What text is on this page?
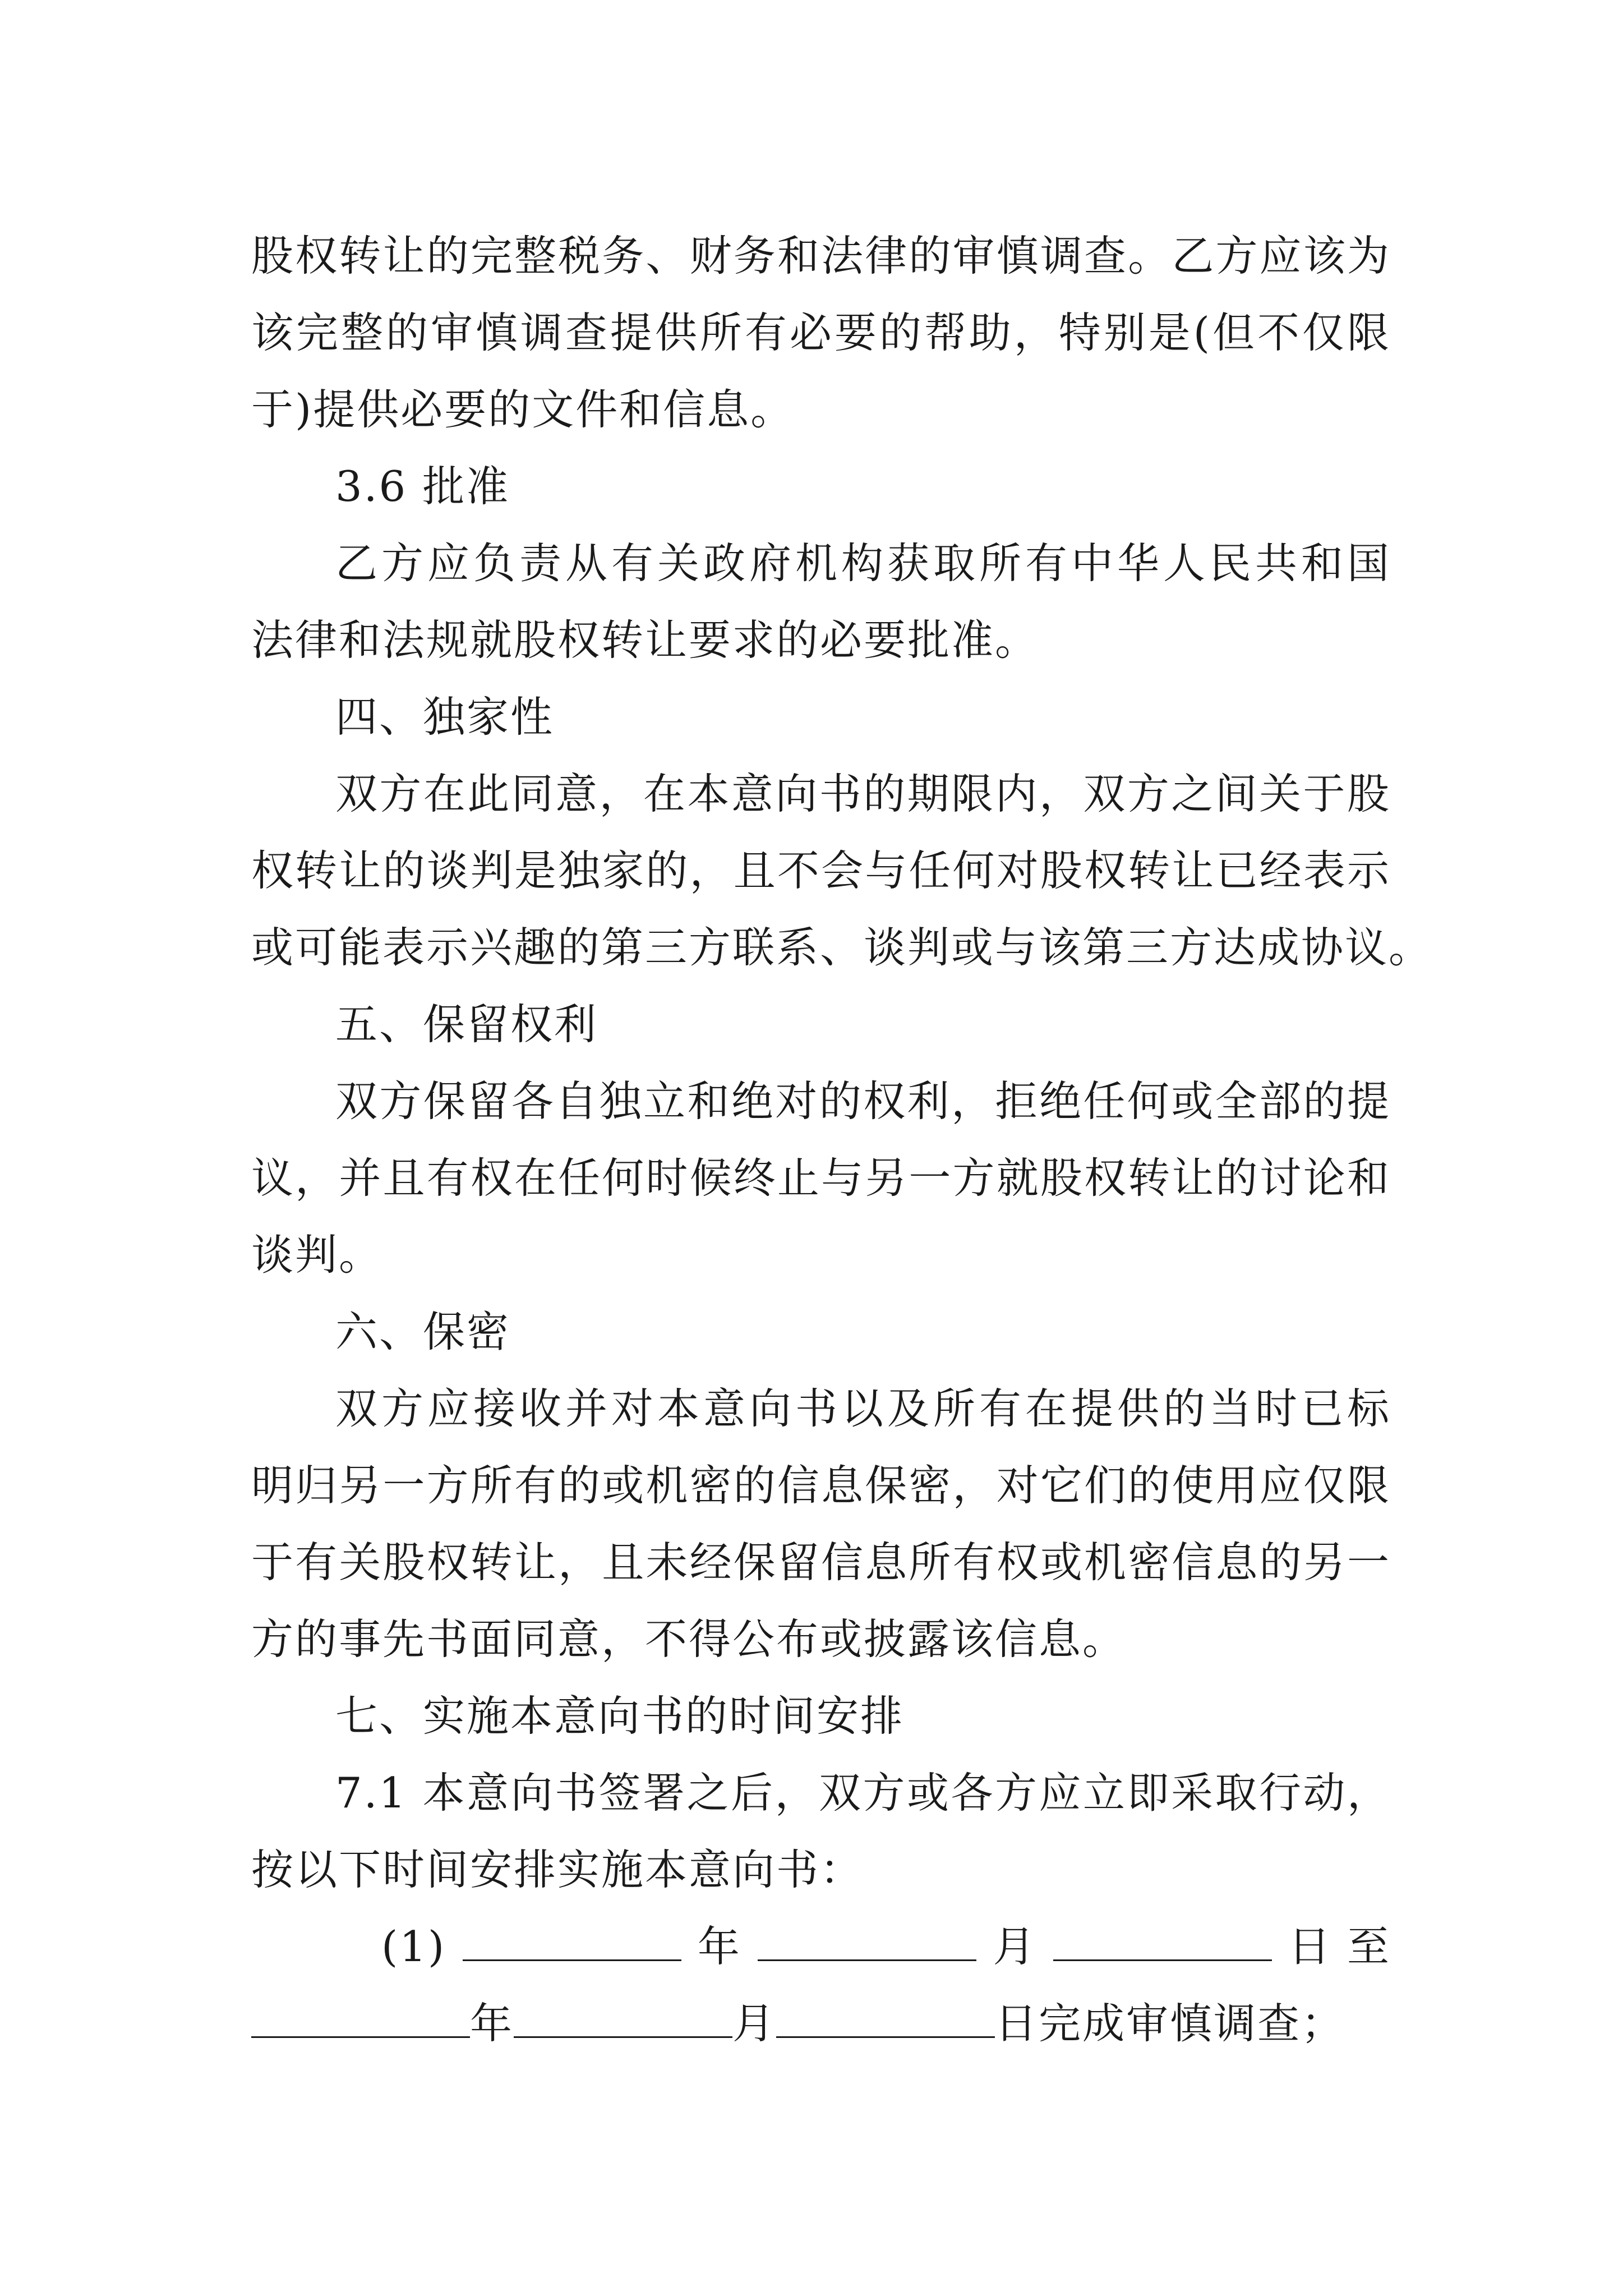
股权转让的完整税务、财务和法律的审慎调查。乙方应该为
该完整的审慎调查提供所有必要的帮助，特别是(但不仅限
于)提供必要的文件和信息。
3.6 批准
乙方应负责从有关政府机构获取所有中华人民共和国
法律和法规就股权转让要求的必要批准。
四、独家性
双方在此同意，在本意向书的期限内，双方之间关于股
权转让的谈判是独家的，且不会与任何对股权转让已经表示
或可能表示兴趣的第三方联系、谈判或与该第三方达成协议。
五、保留权利
双方保留各自独立和绝对的权利，拒绝任何或全部的提
议，并且有权在任何时候终止与另一方就股权转让的讨论和
谈判。
六、保密
双方应接收并对本意向书以及所有在提供的当时已标
明归另一方所有的或机密的信息保密，对它们的使用应仅限
于有关股权转让，且未经保留信息所有权或机密信息的另一
方的事先书面同意，不得公布或披露该信息。
七、实施本意向书的时间安排
7.1 本意向书签署之后，双方或各方应立即采取行动，
按以下时间安排实施本意向书：
(1)	年	月	日 至
年	月	日完成审慎调查；
